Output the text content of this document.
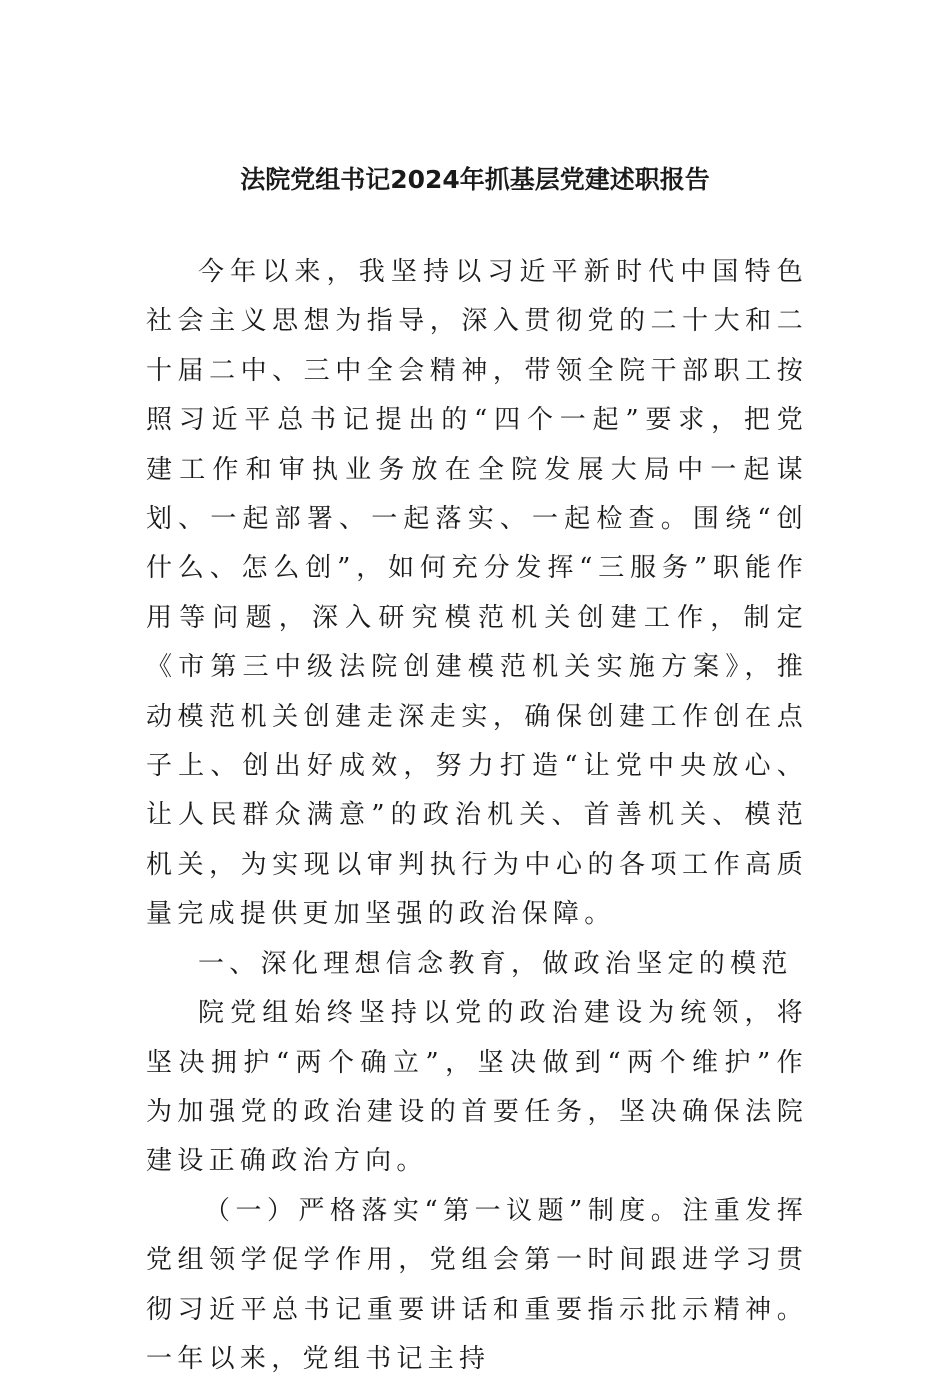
法院党组书记2024年抓基层党建述职报告

今年以来，我坚持以习近平新时代中国特色社会主义思想为指导，深入贯彻党的二十大和二十届二中、三中全会精神，带领全院干部职工按照习近平总书记提出的“四个一起”要求，把党建工作和审执业务放在全院发展大局中一起谋划、一起部署、一起落实、一起检查。围绕“创什么、怎么创”，如何充分发挥“三服务”职能作用等问题，深入研究模范机关创建工作，制定《市第三中级法院创建模范机关实施方案》，推动模范机关创建走深走实，确保创建工作创在点子上、创出好成效，努力打造“让党中央放心、让人民群众满意”的政治机关、首善机关、模范机关，为实现以审判执行为中心的各项工作高质量完成提供更加坚强的政治保障。

一、深化理想信念教育，做政治坚定的模范

院党组始终坚持以党的政治建设为统领，将坚决拥护“两个确立”，坚决做到“两个维护”作为加强党的政治建设的首要任务，坚决确保法院建设正确政治方向。

（一）严格落实“第一议题”制度。注重发挥党组领学促学作用，党组会第一时间跟进学习贯彻习近平总书记重要讲话和重要指示批示精神。一年以来，党组书记主持
